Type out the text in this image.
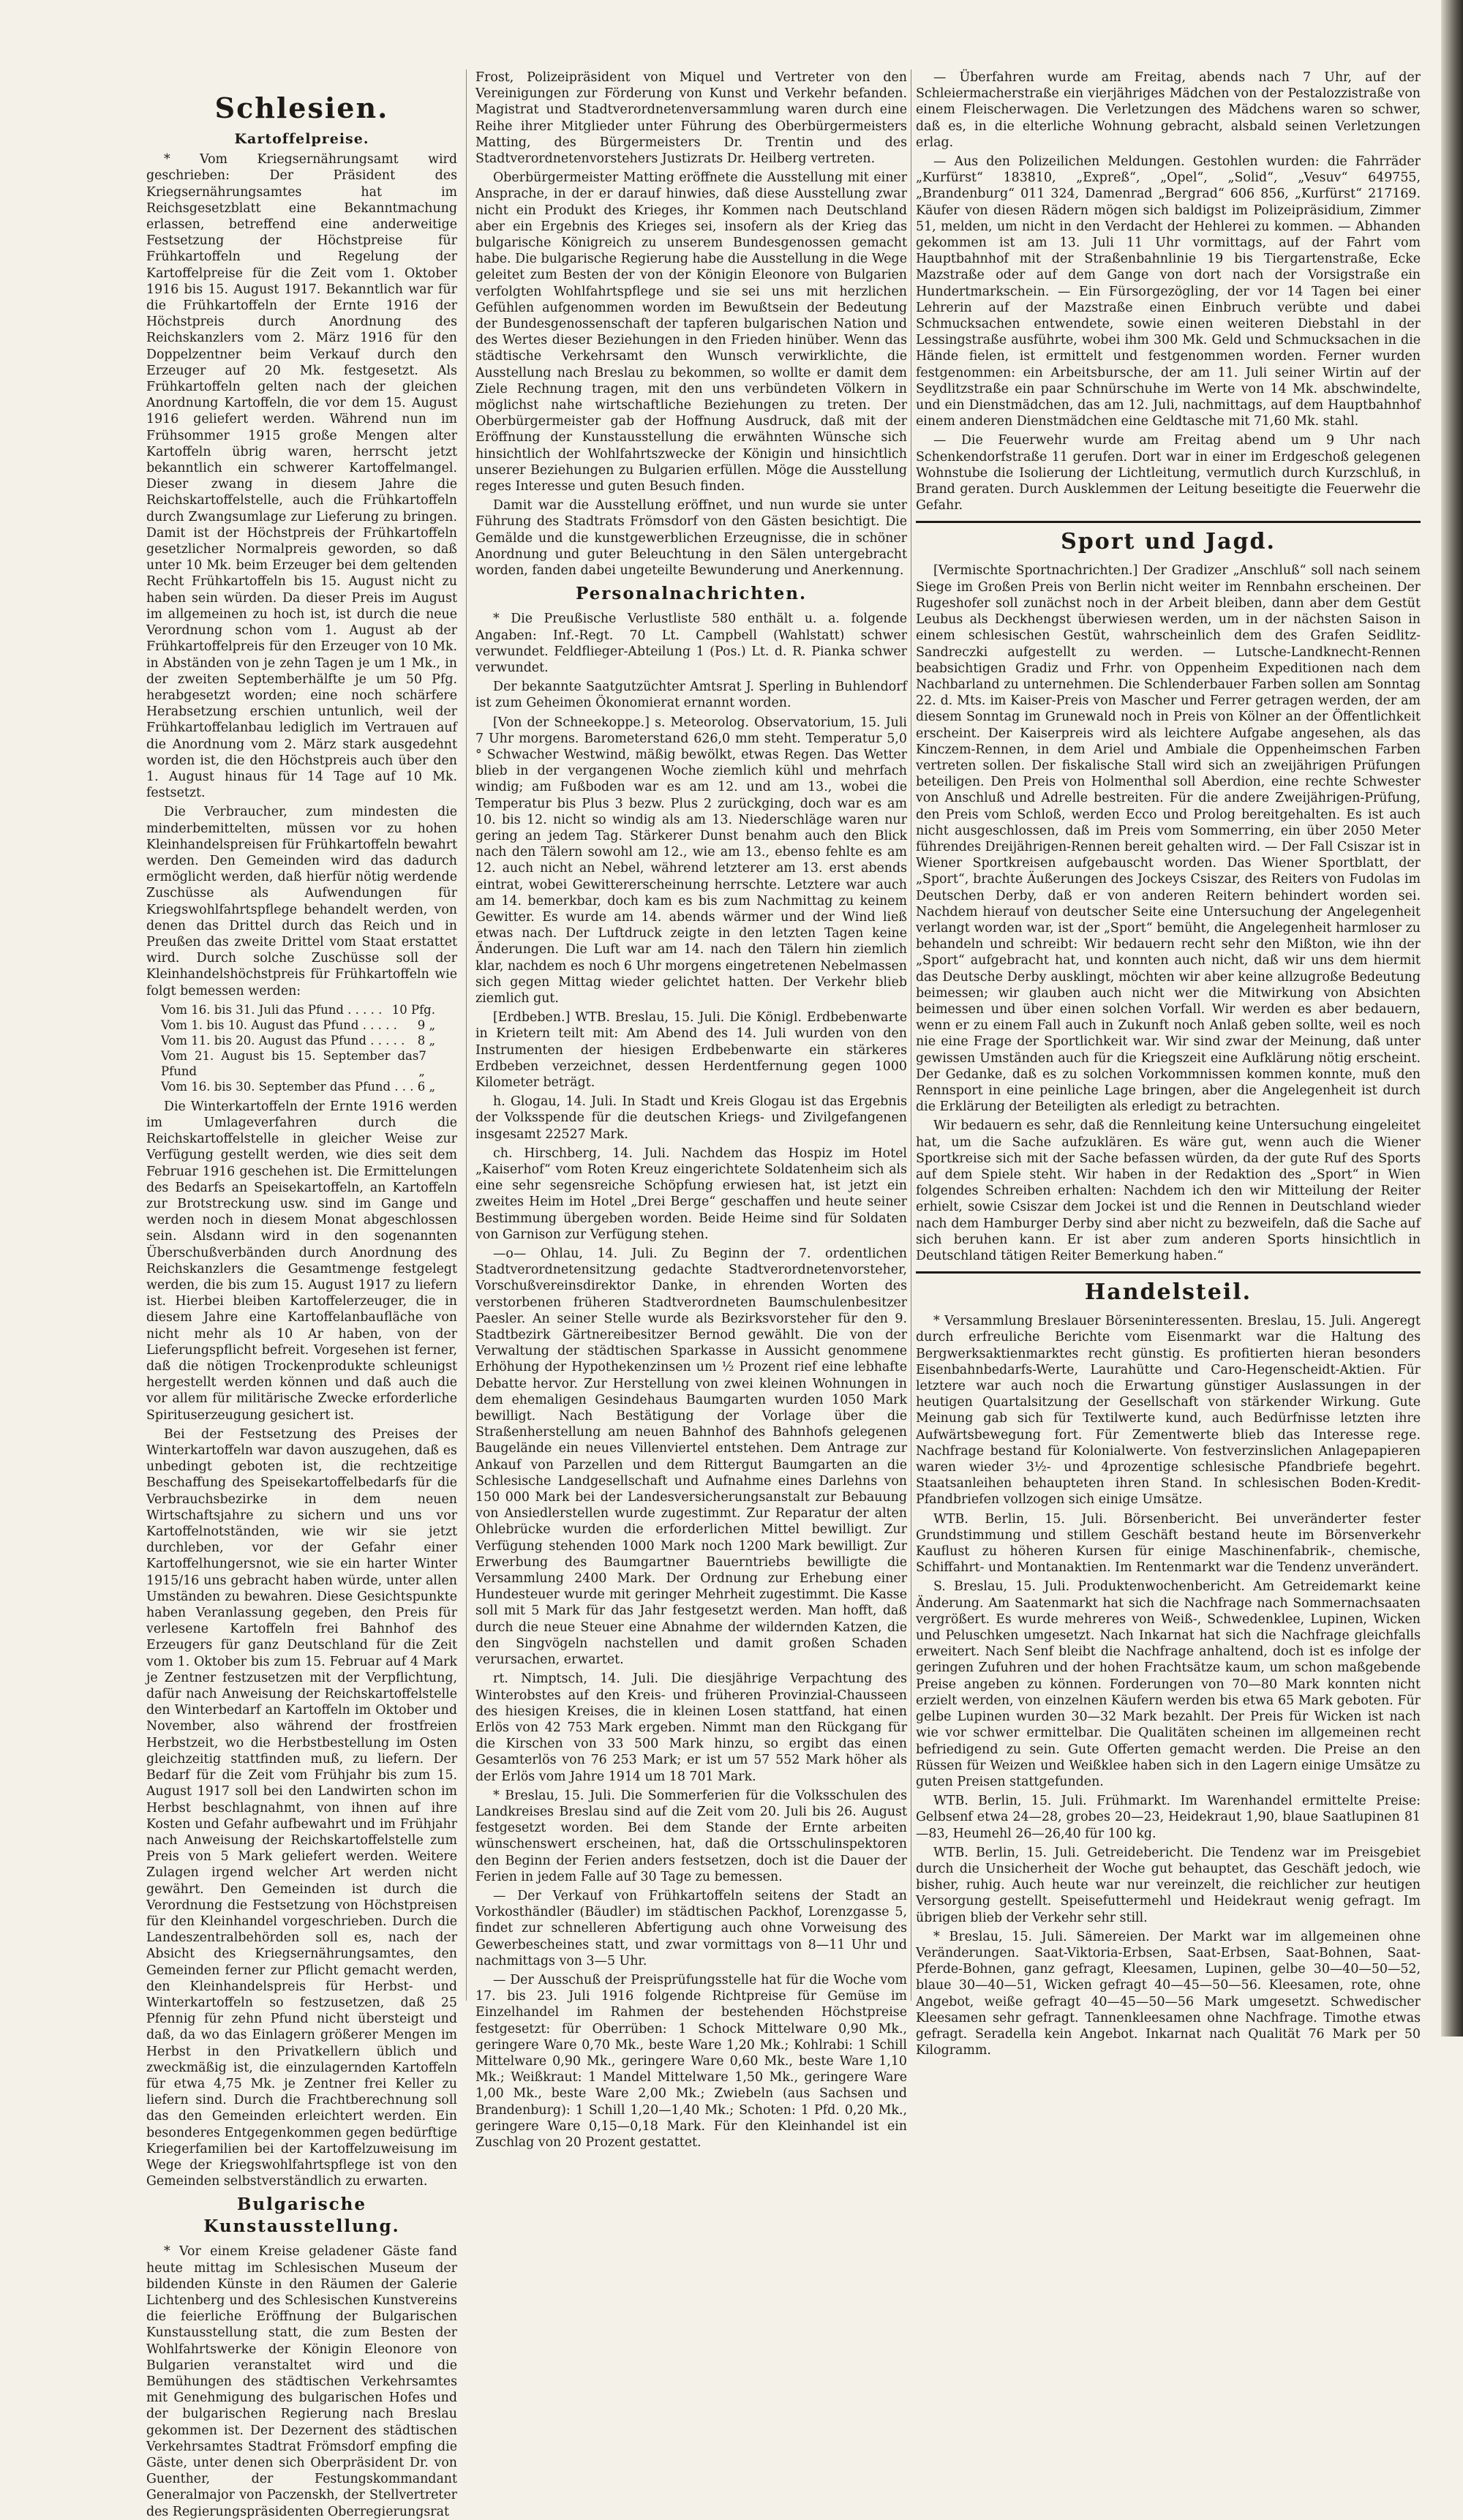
Schlesien.
Kartoffelpreise.

* Vom Kriegsernährungsamt wird geschrieben: Der Präsident des Kriegsernährungsamtes hat im Reichsgesetzblatt eine Bekanntmachung erlassen, betreffend eine anderweitige Festsetzung der Höchstpreise für Frühkartoffeln und Regelung der Kartoffelpreise für die Zeit vom 1. Oktober 1916 bis 15. August 1917. Bekanntlich war für die Frühkartoffeln der Ernte 1916 der Höchstpreis durch Anordnung des Reichskanzlers vom 2. März 1916 für den Doppelzentner beim Verkauf durch den Erzeuger auf 20 Mk. festgesetzt. Als Frühkartoffeln gelten nach der gleichen Anordnung Kartoffeln, die vor dem 15. August 1916 geliefert werden. Während nun im Frühsommer 1915 große Mengen alter Kartoffeln übrig waren, herrscht jetzt bekanntlich ein schwerer Kartoffelmangel. Dieser zwang in diesem Jahre die Reichskartoffelstelle, auch die Frühkartoffeln durch Zwangsumlage zur Lieferung zu bringen. Damit ist der Höchstpreis der Frühkartoffeln gesetzlicher Normalpreis geworden, so daß unter 10 Mk. beim Erzeuger bei dem geltenden Recht Frühkartoffeln bis 15. August nicht zu haben sein würden. Da dieser Preis im August im allgemeinen zu hoch ist, ist durch die neue Verordnung schon vom 1. August ab der Frühkartoffelpreis für den Erzeuger von 10 Mk. in Abständen von je zehn Tagen je um 1 Mk., in der zweiten Septemberhälfte je um 50 Pfg. herabgesetzt worden; eine noch schärfere Herabsetzung erschien untunlich, weil der Frühkartoffelanbau lediglich im Vertrauen auf die Anordnung vom 2. März stark ausgedehnt worden ist, die den Höchstpreis auch über den 1. August hinaus für 14 Tage auf 10 Mk. festsetzt.

Die Verbraucher, zum mindesten die minderbemittelten, müssen vor zu hohen Kleinhandelspreisen für Frühkartoffeln bewahrt werden. Den Gemeinden wird das dadurch ermöglicht werden, daß hierfür nötig werdende Zuschüsse als Aufwendungen für Kriegswohlfahrtspflege behandelt werden, von denen das Drittel durch das Reich und in Preußen das zweite Drittel vom Staat erstattet wird. Durch solche Zuschüsse soll der Kleinhandelshöchstpreis für Frühkartoffeln wie folgt bemessen werden:

Vom 16. bis 31. Juli das Pfund . . . . . 10 Pfg.
Vom 1. bis 10. August das Pfund . . . . . 9 „
Vom 11. bis 20. August das Pfund . . . . . 8 „
Vom 21. August bis 15. September das Pfund
7 „
Vom 16. bis 30. September das Pfund . . . 6 „

Die Winterkartoffeln der Ernte 1916 werden im Umlageverfahren durch die Reichskartoffelstelle in gleicher Weise zur Verfügung gestellt werden, wie dies seit dem Februar 1916 geschehen ist. Die Ermittelungen des Bedarfs an Speisekartoffeln, an Kartoffeln zur Brotstreckung usw. sind im Gange und werden noch in diesem Monat abgeschlossen sein. Alsdann wird in den sogenannten Überschußverbänden durch Anordnung des Reichskanzlers die Gesamtmenge festgelegt werden, die bis zum 15. August 1917 zu liefern ist. Hierbei bleiben Kartoffelerzeuger, die in diesem Jahre eine Kartoffelanbaufläche von nicht mehr als 10 Ar haben, von der Lieferungspflicht befreit. Vorgesehen ist ferner, daß die nötigen Trockenprodukte schleunigst hergestellt werden können und daß auch die vor allem für militärische Zwecke erforderliche Spirituserzeugung gesichert ist.

Bei der Festsetzung des Preises der Winterkartoffeln war davon auszugehen, daß es unbedingt geboten ist, die rechtzeitige Beschaffung des Speisekartoffelbedarfs für die Verbrauchsbezirke in dem neuen Wirtschaftsjahre zu sichern und uns vor Kartoffelnotständen, wie wir sie jetzt durchleben, vor der Gefahr einer Kartoffelhungersnot, wie sie ein harter Winter 1915/16 uns gebracht haben würde, unter allen Umständen zu bewahren. Diese Gesichtspunkte haben Veranlassung gegeben, den Preis für verlesene Kartoffeln frei Bahnhof des Erzeugers für ganz Deutschland für die Zeit vom 1. Oktober bis zum 15. Februar auf 4 Mark je Zentner festzusetzen mit der Verpflichtung, dafür nach Anweisung der Reichskartoffelstelle den Winterbedarf an Kartoffeln im Oktober und November, also während der frostfreien Herbstzeit, wo die Herbstbestellung im Osten gleichzeitig stattfinden muß, zu liefern. Der Bedarf für die Zeit vom Frühjahr bis zum 15. August 1917 soll bei den Landwirten schon im Herbst beschlagnahmt, von ihnen auf ihre Kosten und Gefahr aufbewahrt und im Frühjahr nach Anweisung der Reichskartoffelstelle zum Preis von 5 Mark geliefert werden. Weitere Zulagen irgend welcher Art werden nicht gewährt. Den Gemeinden ist durch die Verordnung die Festsetzung von Höchstpreisen für den Kleinhandel vorgeschrieben. Durch die Landeszentralbehörden soll es, nach der Absicht des Kriegsernährungsamtes, den Gemeinden ferner zur Pflicht gemacht werden, den Kleinhandelspreis für Herbst- und Winterkartoffeln so festzusetzen, daß 25 Pfennig für zehn Pfund nicht übersteigt und daß, da wo das Einlagern größerer Mengen im Herbst in den Privatkellern üblich und zweckmäßig ist, die einzulagernden Kartoffeln für etwa 4,75 Mk. je Zentner frei Keller zu liefern sind. Durch die Frachtberechnung soll das den Gemeinden erleichtert werden. Ein besonderes Entgegenkommen gegen bedürftige Kriegerfamilien bei der Kartoffelzuweisung im Wege der Kriegswohlfahrtspflege ist von den Gemeinden selbstverständlich zu erwarten.

Bulgarische Kunstausstellung.

* Vor einem Kreise geladener Gäste fand heute mittag im Schlesischen Museum der bildenden Künste in den Räumen der Galerie Lichtenberg und des Schlesischen Kunstvereins die feierliche Eröffnung der Bulgarischen Kunstausstellung statt, die zum Besten der Wohlfahrtswerke der Königin Eleonore von Bulgarien veranstaltet wird und die Bemühungen des städtischen Verkehrsamtes mit Genehmigung des bulgarischen Hofes und der bulgarischen Regierung nach Breslau gekommen ist. Der Dezernent des städtischen Verkehrsamtes Stadtrat Frömsdorf empfing die Gäste, unter denen sich Oberpräsident Dr. von Guenther, der Festungskommandant Generalmajor von Paczenskh, der Stellvertreter des Regierungspräsidenten Oberregierungsrat

Frost, Polizeipräsident von Miquel und Vertreter von den Vereinigungen zur Förderung von Kunst und Verkehr befanden. Magistrat und Stadtverordnetenversammlung waren durch eine Reihe ihrer Mitglieder unter Führung des Oberbürgermeisters Matting, des Bürgermeisters Dr. Trentin und des Stadtverordnetenvorstehers Justizrats Dr. Heilberg vertreten.

Oberbürgermeister Matting eröffnete die Ausstellung mit einer Ansprache, in der er darauf hinwies, daß diese Ausstellung zwar nicht ein Produkt des Krieges, ihr Kommen nach Deutschland aber ein Ergebnis des Krieges sei, insofern als der Krieg das bulgarische Königreich zu unserem Bundesgenossen gemacht habe. Die bulgarische Regierung habe die Ausstellung in die Wege geleitet zum Besten der von der Königin Eleonore von Bulgarien verfolgten Wohlfahrtspflege und sie sei uns mit herzlichen Gefühlen aufgenommen worden im Bewußtsein der Bedeutung der Bundesgenossenschaft der tapferen bulgarischen Nation und des Wertes dieser Beziehungen in den Frieden hinüber. Wenn das städtische Verkehrsamt den Wunsch verwirklichte, die Ausstellung nach Breslau zu bekommen, so wollte er damit dem Ziele Rechnung tragen, mit den uns verbündeten Völkern in möglichst nahe wirtschaftliche Beziehungen zu treten. Der Oberbürgermeister gab der Hoffnung Ausdruck, daß mit der Eröffnung der Kunstausstellung die erwähnten Wünsche sich hinsichtlich der Wohlfahrtszwecke der Königin und hinsichtlich unserer Beziehungen zu Bulgarien erfüllen. Möge die Ausstellung reges Interesse und guten Besuch finden.

Damit war die Ausstellung eröffnet, und nun wurde sie unter Führung des Stadtrats Frömsdorf von den Gästen besichtigt. Die Gemälde und die kunstgewerblichen Erzeugnisse, die in schöner Anordnung und guter Beleuchtung in den Sälen untergebracht worden, fanden dabei ungeteilte Bewunderung und Anerkennung.

Personalnachrichten.

* Die Preußische Verlustliste 580 enthält u. a. folgende Angaben: Inf.-Regt. 70 Lt. Campbell (Wahlstatt) schwer verwundet. Feldflieger-Abteilung 1 (Pos.) Lt. d. R. Pianka schwer verwundet.

Der bekannte Saatgutzüchter Amtsrat J. Sperling in Buhlendorf ist zum Geheimen Ökonomierat ernannt worden.

[Von der Schneekoppe.] s. Meteorolog. Observatorium, 15. Juli 7 Uhr morgens. Barometerstand 626,0 mm steht. Temperatur 5,0 ° Schwacher Westwind, mäßig bewölkt, etwas Regen. Das Wetter blieb in der vergangenen Woche ziemlich kühl und mehrfach windig; am Fußboden war es am 12. und am 13., wobei die Temperatur bis Plus 3 bezw. Plus 2 zurückging, doch war es am 10. bis 12. nicht so windig als am 13. Niederschläge waren nur gering an jedem Tag. Stärkerer Dunst benahm auch den Blick nach den Tälern sowohl am 12., wie am 13., ebenso fehlte es am 12. auch nicht an Nebel, während letzterer am 13. erst abends eintrat, wobei Gewittererscheinung herrschte. Letztere war auch am 14. bemerkbar, doch kam es bis zum Nachmittag zu keinem Gewitter. Es wurde am 14. abends wärmer und der Wind ließ etwas nach. Der Luftdruck zeigte in den letzten Tagen keine Änderungen. Die Luft war am 14. nach den Tälern hin ziemlich klar, nachdem es noch 6 Uhr morgens eingetretenen Nebelmassen sich gegen Mittag wieder gelichtet hatten. Der Verkehr blieb ziemlich gut.

[Erdbeben.] WTB. Breslau, 15. Juli. Die Königl. Erdbebenwarte in Krietern teilt mit: Am Abend des 14. Juli wurden von den Instrumenten der hiesigen Erdbebenwarte ein stärkeres Erdbeben verzeichnet, dessen Herdentfernung gegen 1000 Kilometer beträgt.

h. Glogau, 14. Juli. In Stadt und Kreis Glogau ist das Ergebnis der Volksspende für die deutschen Kriegs- und Zivilgefangenen insgesamt 22527 Mark.

ch. Hirschberg, 14. Juli. Nachdem das Hospiz im Hotel „Kaiserhof“ vom Roten Kreuz eingerichtete Soldatenheim sich als eine sehr segensreiche Schöpfung erwiesen hat, ist jetzt ein zweites Heim im Hotel „Drei Berge“ geschaffen und heute seiner Bestimmung übergeben worden. Beide Heime sind für Soldaten von Garnison zur Verfügung stehen.

—o— Ohlau, 14. Juli. Zu Beginn der 7. ordentlichen Stadtverordnetensitzung gedachte Stadtverordnetenvorsteher, Vorschußvereinsdirektor Danke, in ehrenden Worten des verstorbenen früheren Stadtverordneten Baumschulenbesitzer Paesler. An seiner Stelle wurde als Bezirksvorsteher für den 9. Stadtbezirk Gärtnereibesitzer Bernod gewählt. Die von der Verwaltung der städtischen Sparkasse in Aussicht genommene Erhöhung der Hypothekenzinsen um ½ Prozent rief eine lebhafte Debatte hervor. Zur Herstellung von zwei kleinen Wohnungen in dem ehemaligen Gesindehaus Baumgarten wurden 1050 Mark bewilligt. Nach Bestätigung der Vorlage über die Straßenherstellung am neuen Bahnhof des Bahnhofs gelegenen Baugelände ein neues Villenviertel entstehen. Dem Antrage zur Ankauf von Parzellen und dem Rittergut Baumgarten an die Schlesische Landgesellschaft und Aufnahme eines Darlehns von 150 000 Mark bei der Landesversicherungsanstalt zur Bebauung von Ansiedlerstellen wurde zugestimmt. Zur Reparatur der alten Ohlebrücke wurden die erforderlichen Mittel bewilligt. Zur Verfügung stehenden 1000 Mark noch 1200 Mark bewilligt. Zur Erwerbung des Baumgartner Bauerntriebs bewilligte die Versammlung 2400 Mark. Der Ordnung zur Erhebung einer Hundesteuer wurde mit geringer Mehrheit zugestimmt. Die Kasse soll mit 5 Mark für das Jahr festgesetzt werden. Man hofft, daß durch die neue Steuer eine Abnahme der wildernden Katzen, die den Singvögeln nachstellen und damit großen Schaden verursachen, erwartet.

rt. Nimptsch, 14. Juli. Die diesjährige Verpachtung des Winterobstes auf den Kreis- und früheren Provinzial-Chausseen des hiesigen Kreises, die in kleinen Losen stattfand, hat einen Erlös von 42 753 Mark ergeben. Nimmt man den Rückgang für die Kirschen von 33 500 Mark hinzu, so ergibt das einen Gesamterlös von 76 253 Mark; er ist um 57 552 Mark höher als der Erlös vom Jahre 1914 um 18 701 Mark.

* Breslau, 15. Juli. Die Sommerferien für die Volksschulen des Landkreises Breslau sind auf die Zeit vom 20. Juli bis 26. August festgesetzt worden. Bei dem Stande der Ernte arbeiten wünschenswert erscheinen, hat, daß die Ortsschulinspektoren den Beginn der Ferien anders festsetzen, doch ist die Dauer der Ferien in jedem Falle auf 30 Tage zu bemessen.

— Der Verkauf von Frühkartoffeln seitens der Stadt an Vorkosthändler (Bäudler) im städtischen Packhof, Lorenzgasse 5, findet zur schnelleren Abfertigung auch ohne Vorweisung des Gewerbescheines statt, und zwar vormittags von 8—11 Uhr und nachmittags von 3—5 Uhr.

— Der Ausschuß der Preisprüfungsstelle hat für die Woche vom 17. bis 23. Juli 1916 folgende Richtpreise für Gemüse im Einzelhandel im Rahmen der bestehenden Höchstpreise festgesetzt: für Oberrüben: 1 Schock Mittelware 0,90 Mk., geringere Ware 0,70 Mk., beste Ware 1,20 Mk.; Kohlrabi: 1 Schill Mittelware 0,90 Mk., geringere Ware 0,60 Mk., beste Ware 1,10 Mk.; Weißkraut: 1 Mandel Mittelware 1,50 Mk., geringere Ware 1,00 Mk., beste Ware 2,00 Mk.; Zwiebeln (aus Sachsen und Brandenburg): 1 Schill 1,20—1,40 Mk.; Schoten: 1 Pfd. 0,20 Mk., geringere Ware 0,15—0,18 Mark. Für den Kleinhandel ist ein Zuschlag von 20 Prozent gestattet.

— Überfahren wurde am Freitag, abends nach 7 Uhr, auf der Schleiermacherstraße ein vierjähriges Mädchen von der Pestalozzistraße von einem Fleischerwagen. Die Verletzungen des Mädchens waren so schwer, daß es, in die elterliche Wohnung gebracht, alsbald seinen Verletzungen erlag.

— Aus den Polizeilichen Meldungen. Gestohlen wurden: die Fahrräder „Kurfürst“ 183810, „Expreß“, „Opel“, „Solid“, „Vesuv“ 649755, „Brandenburg“ 011 324, Damenrad „Bergrad“ 606 856, „Kurfürst“ 217169. Käufer von diesen Rädern mögen sich baldigst im Polizeipräsidium, Zimmer 51, melden, um nicht in den Verdacht der Hehlerei zu kommen. — Abhanden gekommen ist am 13. Juli 11 Uhr vormittags, auf der Fahrt vom Hauptbahnhof mit der Straßenbahnlinie 19 bis Tiergartenstraße, Ecke Mazstraße oder auf dem Gange von dort nach der Vorsigstraße ein Hundertmarkschein. — Ein Fürsorgezögling, der vor 14 Tagen bei einer Lehrerin auf der Mazstraße einen Einbruch verübte und dabei Schmucksachen entwendete, sowie einen weiteren Diebstahl in der Lessingstraße ausführte, wobei ihm 300 Mk. Geld und Schmucksachen in die Hände fielen, ist ermittelt und festgenommen worden. Ferner wurden festgenommen: ein Arbeitsbursche, der am 11. Juli seiner Wirtin auf der Seydlitzstraße ein paar Schnürschuhe im Werte von 14 Mk. abschwindelte, und ein Dienstmädchen, das am 12. Juli, nachmittags, auf dem Hauptbahnhof einem anderen Dienstmädchen eine Geldtasche mit 71,60 Mk. stahl.

— Die Feuerwehr wurde am Freitag abend um 9 Uhr nach Schenkendorfstraße 11 gerufen. Dort war in einer im Erdgeschoß gelegenen Wohnstube die Isolierung der Lichtleitung, vermutlich durch Kurzschluß, in Brand geraten. Durch Ausklemmen der Leitung beseitigte die Feuerwehr die Gefahr.

Sport und Jagd.

[Vermischte Sportnachrichten.] Der Gradizer „Anschluß“ soll nach seinem Siege im Großen Preis von Berlin nicht weiter im Rennbahn erscheinen. Der Rugeshofer soll zunächst noch in der Arbeit bleiben, dann aber dem Gestüt Leubus als Deckhengst überwiesen werden, um in der nächsten Saison in einem schlesischen Gestüt, wahrscheinlich dem des Grafen Seidlitz-Sandreczki aufgestellt zu werden. — Lutsche-Landknecht-Rennen beabsichtigen Gradiz und Frhr. von Oppenheim Expeditionen nach dem Nachbarland zu unternehmen. Die Schlenderbauer Farben sollen am Sonntag 22. d. Mts. im Kaiser-Preis von Mascher und Ferrer getragen werden, der am diesem Sonntag im Grunewald noch in Preis von Kölner an der Öffentlichkeit erscheint. Der Kaiserpreis wird als leichtere Aufgabe angesehen, als das Kinczem-Rennen, in dem Ariel und Ambiale die Oppenheimschen Farben vertreten sollen. Der fiskalische Stall wird sich an zweijährigen Prüfungen beteiligen. Den Preis von Holmenthal soll Aberdion, eine rechte Schwester von Anschluß und Adrelle bestreiten. Für die andere Zweijährigen-Prüfung, den Preis vom Schloß, werden Ecco und Prolog bereitgehalten. Es ist auch nicht ausgeschlossen, daß im Preis vom Sommerring, ein über 2050 Meter führendes Dreijährigen-Rennen bereit gehalten wird. — Der Fall Csiszar ist in Wiener Sportkreisen aufgebauscht worden. Das Wiener Sportblatt, der „Sport“, brachte Äußerungen des Jockeys Csiszar, des Reiters von Fudolas im Deutschen Derby, daß er von anderen Reitern behindert worden sei. Nachdem hierauf von deutscher Seite eine Untersuchung der Angelegenheit verlangt worden war, ist der „Sport“ bemüht, die Angelegenheit harmloser zu behandeln und schreibt: Wir bedauern recht sehr den Mißton, wie ihn der „Sport“ aufgebracht hat, und konnten auch nicht, daß wir uns dem hiermit das Deutsche Derby ausklingt, möchten wir aber keine allzugroße Bedeutung beimessen; wir glauben auch nicht wer die Mitwirkung von Absichten beimessen und über einen solchen Vorfall. Wir werden es aber bedauern, wenn er zu einem Fall auch in Zukunft noch Anlaß geben sollte, weil es noch nie eine Frage der Sportlichkeit war. Wir sind zwar der Meinung, daß unter gewissen Umständen auch für die Kriegszeit eine Aufklärung nötig erscheint. Der Gedanke, daß es zu solchen Vorkommnissen kommen konnte, muß den Rennsport in eine peinliche Lage bringen, aber die Angelegenheit ist durch die Erklärung der Beteiligten als erledigt zu betrachten.

Wir bedauern es sehr, daß die Rennleitung keine Untersuchung eingeleitet hat, um die Sache aufzuklären. Es wäre gut, wenn auch die Wiener Sportkreise sich mit der Sache befassen würden, da der gute Ruf des Sports auf dem Spiele steht. Wir haben in der Redaktion des „Sport“ in Wien folgendes Schreiben erhalten: Nachdem ich den wir Mitteilung der Reiter erhielt, sowie Csiszar dem Jockei ist und die Rennen in Deutschland wieder nach dem Hamburger Derby sind aber nicht zu bezweifeln, daß die Sache auf sich beruhen kann. Er ist aber zum anderen Sports hinsichtlich in Deutschland tätigen Reiter Bemerkung haben.“

Handelsteil.

* Versammlung Breslauer Börseninteressenten. Breslau, 15. Juli. Angeregt durch erfreuliche Berichte vom Eisenmarkt war die Haltung des Bergwerksaktienmarktes recht günstig. Es profitierten hieran besonders Eisenbahnbedarfs-Werte, Laurahütte und Caro-Hegenscheidt-Aktien. Für letztere war auch noch die Erwartung günstiger Auslassungen in der heutigen Quartalsitzung der Gesellschaft von stärkender Wirkung. Gute Meinung gab sich für Textilwerte kund, auch Bedürfnisse letzten ihre Aufwärtsbewegung fort. Für Zementwerte blieb das Interesse rege. Nachfrage bestand für Kolonialwerte. Von festverzinslichen Anlagepapieren waren wieder 3½- und 4prozentige schlesische Pfandbriefe begehrt. Staatsanleihen behaupteten ihren Stand. In schlesischen Boden-Kredit-Pfandbriefen vollzogen sich einige Umsätze.

WTB. Berlin, 15. Juli. Börsenbericht. Bei unveränderter fester Grundstimmung und stillem Geschäft bestand heute im Börsenverkehr Kauflust zu höheren Kursen für einige Maschinenfabrik-, chemische, Schiffahrt- und Montanaktien. Im Rentenmarkt war die Tendenz unverändert.

S. Breslau, 15. Juli. Produktenwochenbericht. Am Getreidemarkt keine Änderung. Am Saatenmarkt hat sich die Nachfrage nach Sommernachsaaten vergrößert. Es wurde mehreres von Weiß-, Schwedenklee, Lupinen, Wicken und Peluschken umgesetzt. Nach Inkarnat hat sich die Nachfrage gleichfalls erweitert. Nach Senf bleibt die Nachfrage anhaltend, doch ist es infolge der geringen Zufuhren und der hohen Frachtsätze kaum, um schon maßgebende Preise angeben zu können. Forderungen von 70—80 Mark konnten nicht erzielt werden, von einzelnen Käufern werden bis etwa 65 Mark geboten. Für gelbe Lupinen wurden 30—32 Mark bezahlt. Der Preis für Wicken ist nach wie vor schwer ermittelbar. Die Qualitäten scheinen im allgemeinen recht befriedigend zu sein. Gute Offerten gemacht werden. Die Preise an den Rüssen für Weizen und Weißklee haben sich in den Lagern einige Umsätze zu guten Preisen stattgefunden.

WTB. Berlin, 15. Juli. Frühmarkt. Im Warenhandel ermittelte Preise: Gelbsenf etwa 24—28, grobes 20—23, Heidekraut 1,90, blaue Saatlupinen 81—83, Heumehl 26—26,40 für 100 kg.

WTB. Berlin, 15. Juli. Getreidebericht. Die Tendenz war im Preisgebiet durch die Unsicherheit der Woche gut behauptet, das Geschäft jedoch, wie bisher, ruhig. Auch heute war nur vereinzelt, die reichlicher zur heutigen Versorgung gestellt. Speisefuttermehl und Heidekraut wenig gefragt. Im übrigen blieb der Verkehr sehr still.

* Breslau, 15. Juli. Sämereien. Der Markt war im allgemeinen ohne Veränderungen. Saat-Viktoria-Erbsen, Saat-Erbsen, Saat-Bohnen, Saat-Pferde-Bohnen, ganz gefragt, Kleesamen, Lupinen, gelbe 30—40—50—52, blaue 30—40—51, Wicken gefragt 40—45—50—56. Kleesamen, rote, ohne Angebot, weiße gefragt 40—45—50—56 Mark umgesetzt. Schwedischer Kleesamen sehr gefragt. Tannenkleesamen ohne Nachfrage. Timothe etwas gefragt. Seradella kein Angebot. Inkarnat nach Qualität 76 Mark per 50 Kilogramm.
